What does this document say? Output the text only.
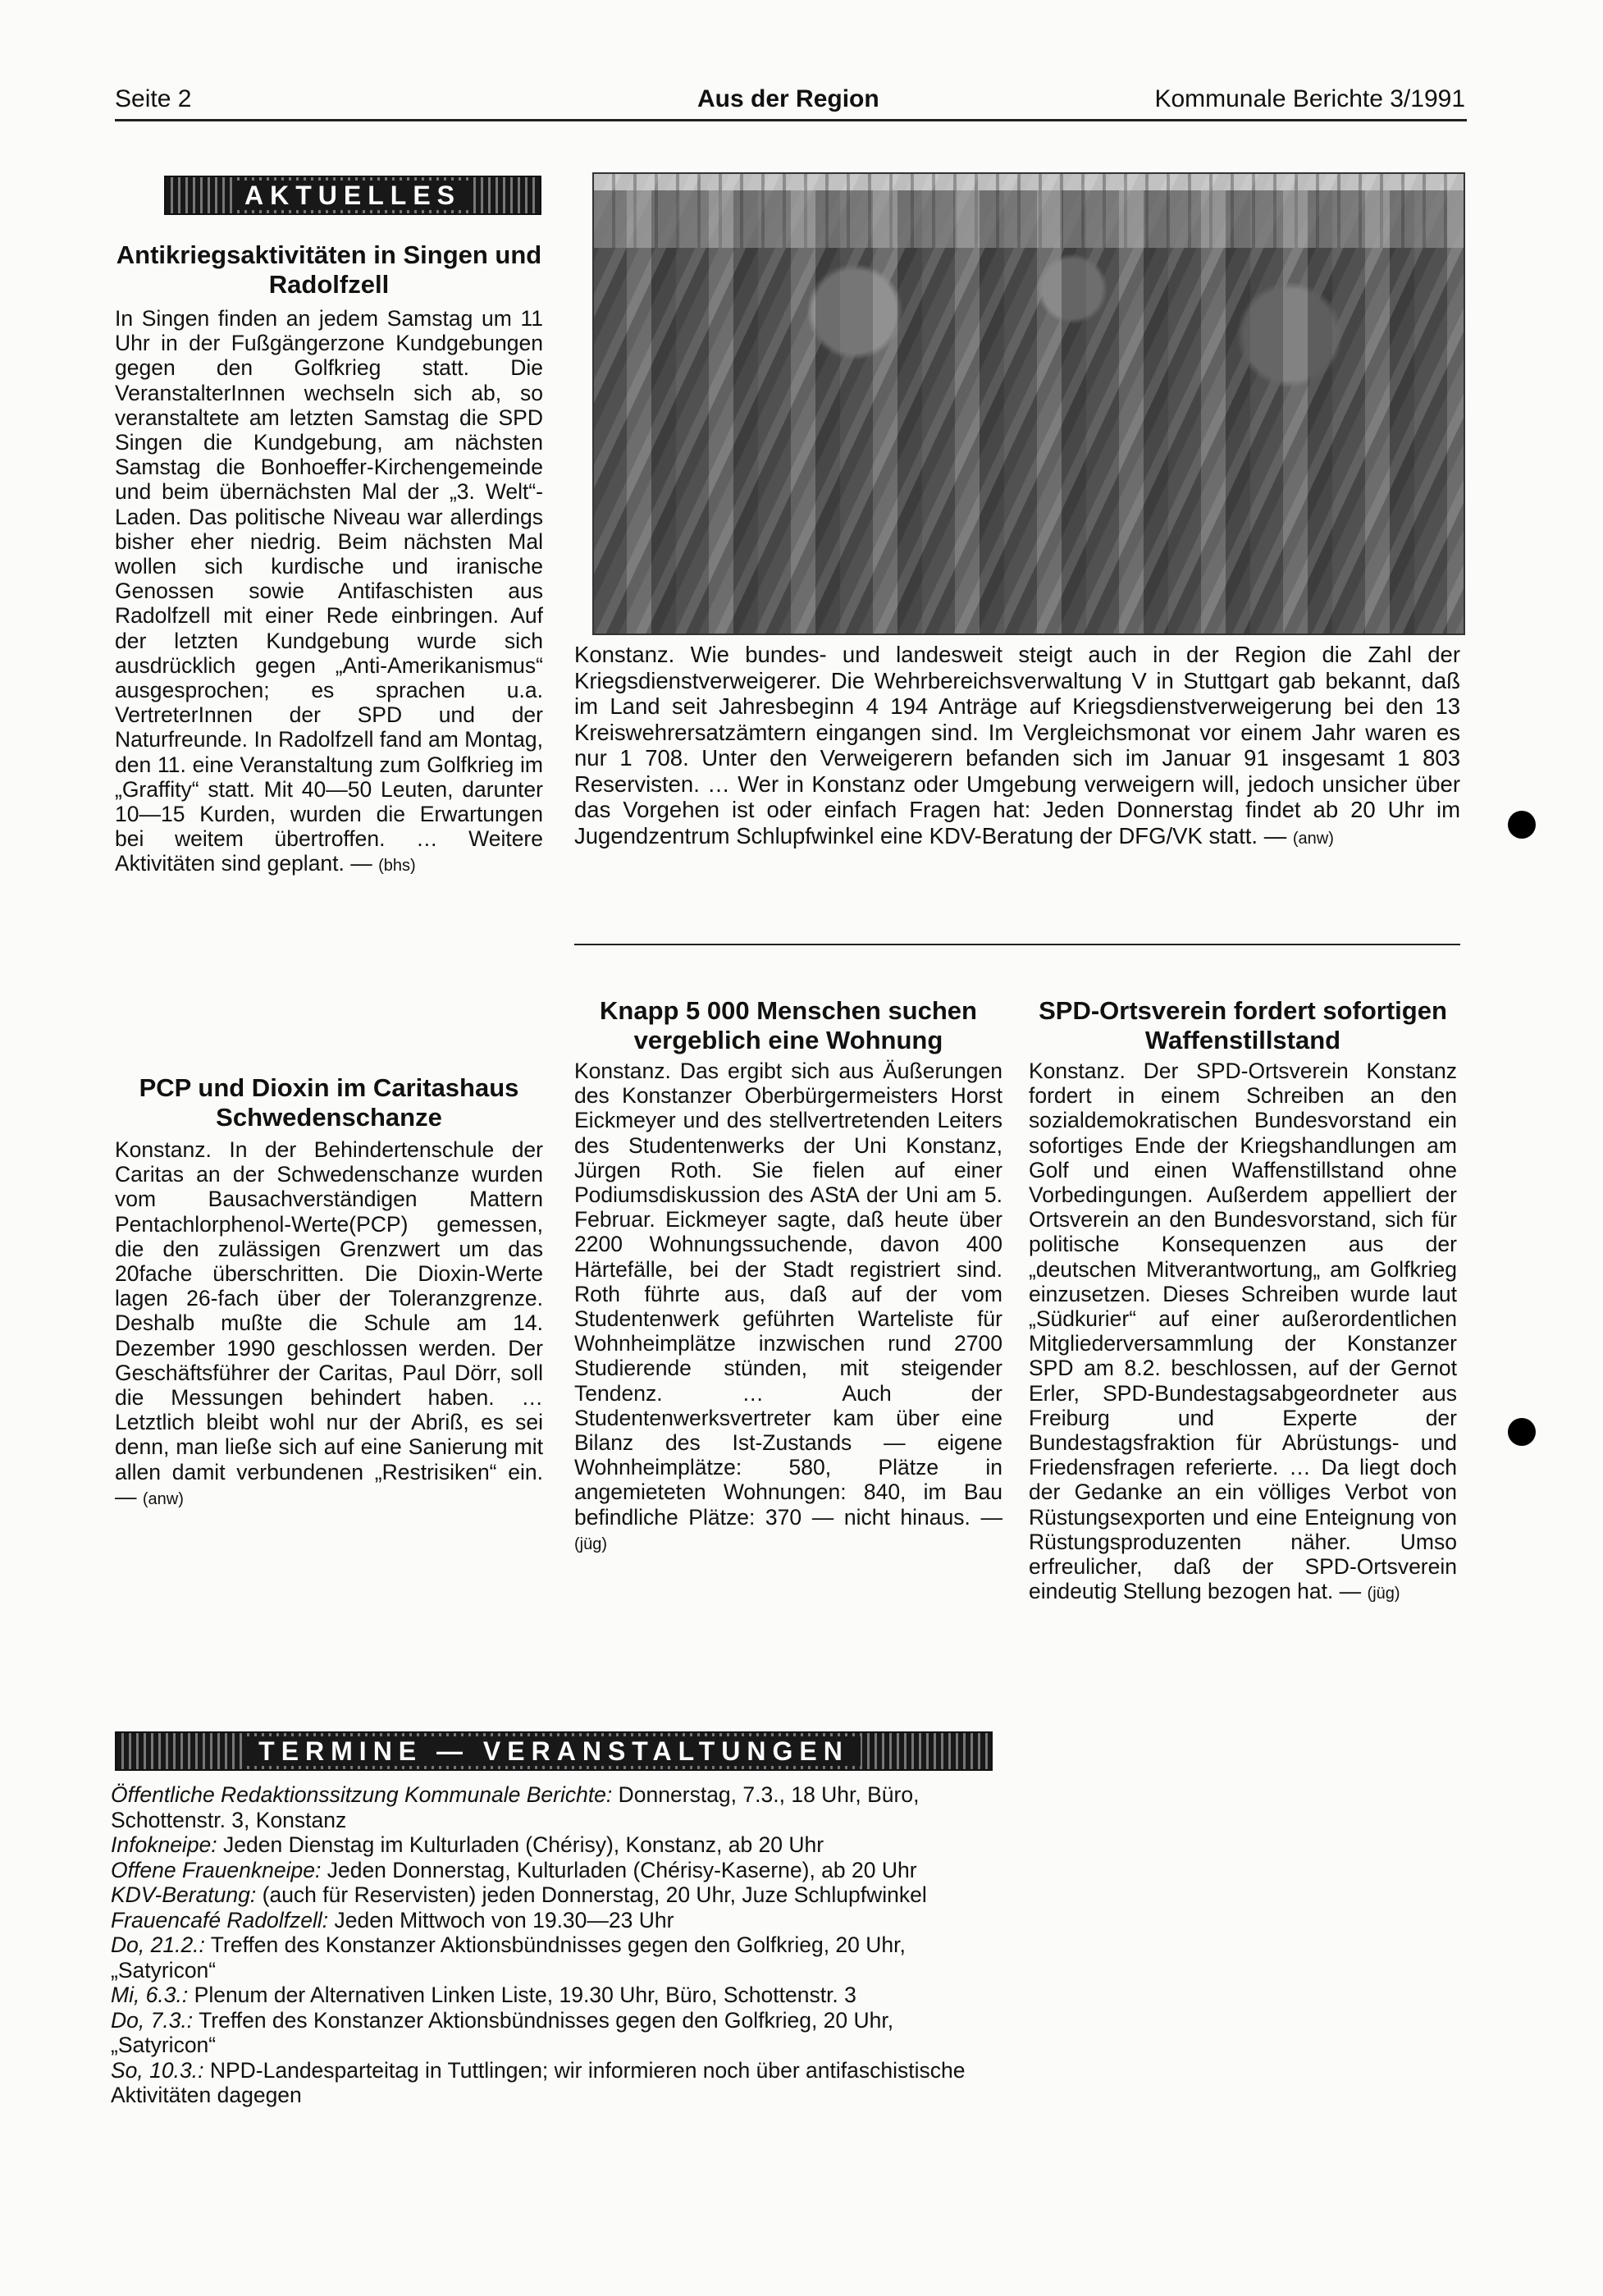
Seite 2	Aus der Region	Kommunale Berichte 3/1991
AKTUELLES
Antikriegsaktivitäten in Singen und Radolfzell

In Singen finden an jedem Samstag um 11 Uhr in der Fußgängerzone Kundgebungen gegen den Golfkrieg statt. Die VeranstalterInnen wechseln sich ab, so veranstaltete am letzten Samstag die SPD Singen die Kundgebung, am nächsten Samstag die Bonhoeffer-Kirchengemeinde und beim übernächsten Mal der „3. Welt“-Laden. Das politische Niveau war allerdings bisher eher niedrig. Beim nächsten Mal wollen sich kurdische und iranische Genossen sowie Antifaschisten aus Radolfzell mit einer Rede einbringen. Auf der letzten Kundgebung wurde sich ausdrücklich gegen „Anti-Amerikanismus“ ausgesprochen; es sprachen u.a. VertreterInnen der SPD und der Naturfreunde. In Radolfzell fand am Montag, den 11. eine Veranstaltung zum Golfkrieg im „Graffity“ statt. Mit 40—50 Leuten, darunter 10—15 Kurden, wurden die Erwartungen bei weitem übertroffen. … Weitere Aktivitäten sind geplant. — (bhs)

PCP und Dioxin im Caritashaus Schwedenschanze

Konstanz. In der Behindertenschule der Caritas an der Schwedenschanze wurden vom Bausachverständigen Mattern Pentachlorphenol-Werte(PCP) gemessen, die den zulässigen Grenzwert um das 20fache überschritten. Die Dioxin-Werte lagen 26-fach über der Toleranzgrenze. Deshalb mußte die Schule am 14. Dezember 1990 geschlossen werden. Der Geschäftsführer der Caritas, Paul Dörr, soll die Messungen behindert haben. … Letztlich bleibt wohl nur der Abriß, es sei denn, man ließe sich auf eine Sanierung mit allen damit verbundenen „Restrisiken“ ein. — (anw)

Konstanz. Wie bundes- und landesweit steigt auch in der Region die Zahl der Kriegsdienstverweigerer. Die Wehrbereichsverwaltung V in Stuttgart gab bekannt, daß im Land seit Jahresbeginn 4 194 Anträge auf Kriegsdienstverweigerung bei den 13 Kreiswehrersatzämtern eingangen sind. Im Vergleichsmonat vor einem Jahr waren es nur 1 708. Unter den Verweigerern befanden sich im Januar 91 insgesamt 1 803 Reservisten. … Wer in Konstanz oder Umgebung verweigern will, jedoch unsicher über das Vorgehen ist oder einfach Fragen hat: Jeden Donnerstag findet ab 20 Uhr im Jugendzentrum Schlupfwinkel eine KDV-Beratung der DFG/VK statt. — (anw)

Knapp 5 000 Menschen suchen vergeblich eine Wohnung

Konstanz. Das ergibt sich aus Äußerungen des Konstanzer Oberbürgermeisters Horst Eickmeyer und des stellvertretenden Leiters des Studentenwerks der Uni Konstanz, Jürgen Roth. Sie fielen auf einer Podiumsdiskussion des AStA der Uni am 5. Februar. Eickmeyer sagte, daß heute über 2200 Wohnungssuchende, davon 400 Härtefälle, bei der Stadt registriert sind. Roth führte aus, daß auf der vom Studentenwerk geführten Warteliste für Wohnheimplätze inzwischen rund 2700 Studierende stünden, mit steigender Tendenz. … Auch der Studentenwerksvertreter kam über eine Bilanz des Ist-Zustands — eigene Wohnheimplätze: 580, Plätze in angemieteten Wohnungen: 840, im Bau befindliche Plätze: 370 — nicht hinaus. — (jüg)

SPD-Ortsverein fordert sofortigen Waffenstillstand

Konstanz. Der SPD-Ortsverein Konstanz fordert in einem Schreiben an den sozialdemokratischen Bundesvorstand ein sofortiges Ende der Kriegshandlungen am Golf und einen Waffenstillstand ohne Vorbedingungen. Außerdem appelliert der Ortsverein an den Bundesvorstand, sich für politische Konsequenzen aus der „deutschen Mitverantwortung„ am Golfkrieg einzusetzen. Dieses Schreiben wurde laut „Südkurier“ auf einer außerordentlichen Mitgliederversammlung der Konstanzer SPD am 8.2. beschlossen, auf der Gernot Erler, SPD-Bundestagsabgeordneter aus Freiburg und Experte der Bundestagsfraktion für Abrüstungs- und Friedensfragen referierte. … Da liegt doch der Gedanke an ein völliges Verbot von Rüstungsexporten und eine Enteignung von Rüstungsproduzenten näher. Umso erfreulicher, daß der SPD-Ortsverein eindeutig Stellung bezogen hat. — (jüg)

TERMINE — VERANSTALTUNGEN
Öffentliche Redaktionssitzung Kommunale Berichte: Donnerstag, 7.3., 18 Uhr, Büro, Schottenstr. 3, Konstanz
Infokneipe: Jeden Dienstag im Kulturladen (Chérisy), Konstanz, ab 20 Uhr
Offene Frauenkneipe: Jeden Donnerstag, Kulturladen (Chérisy-Kaserne), ab 20 Uhr
KDV-Beratung: (auch für Reservisten) jeden Donnerstag, 20 Uhr, Juze Schlupfwinkel
Frauencafé Radolfzell: Jeden Mittwoch von 19.30—23 Uhr
Do, 21.2.: Treffen des Konstanzer Aktionsbündnisses gegen den Golfkrieg, 20 Uhr, „Satyricon“
Mi, 6.3.: Plenum der Alternativen Linken Liste, 19.30 Uhr, Büro, Schottenstr. 3
Do, 7.3.: Treffen des Konstanzer Aktionsbündnisses gegen den Golfkrieg, 20 Uhr, „Satyricon“
So, 10.3.: NPD-Landesparteitag in Tuttlingen; wir informieren noch über antifaschistische Aktivitäten dagegen
